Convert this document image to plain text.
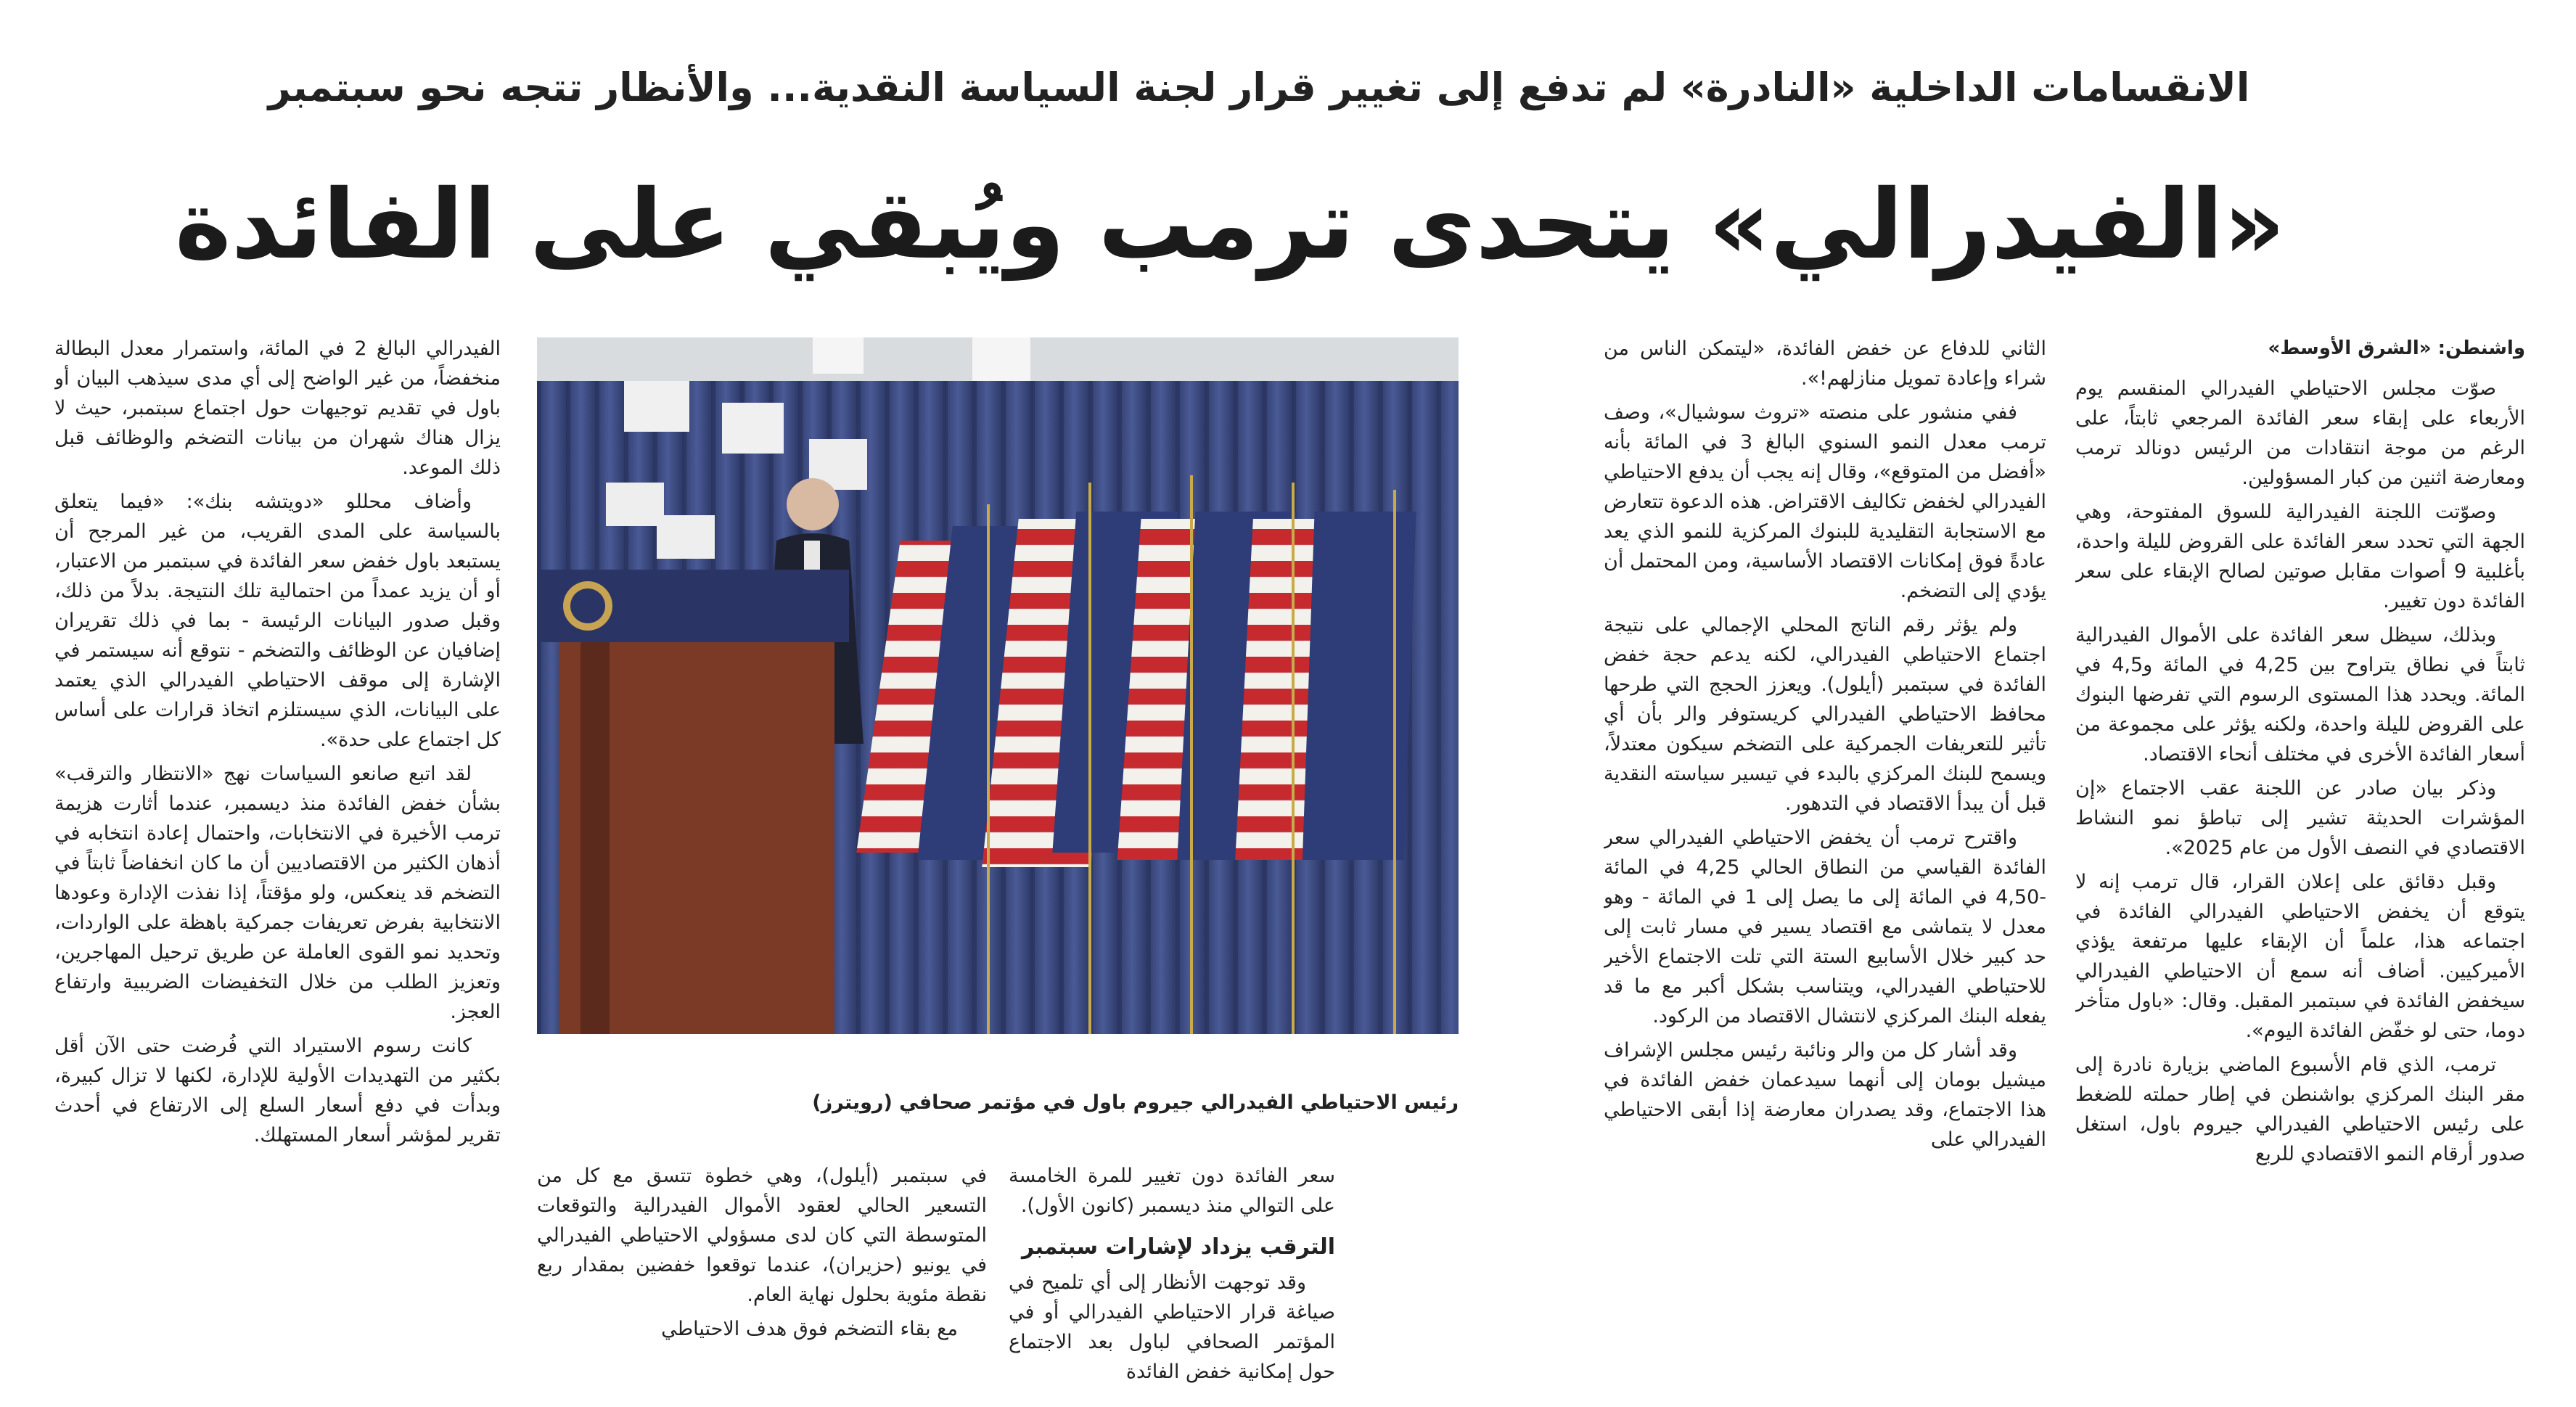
الانقسامات الداخلية «النادرة» لم تدفع إلى تغيير قرار لجنة السياسة النقدية... والأنظار تتجه نحو سبتمبر
«الفيدرالي» يتحدى ترمب ويُبقي على الفائدة
واشنطن: «الشرق الأوسط»

صوّت مجلس الاحتياطي الفيدرالي المنقسم يوم الأربعاء على إبقاء سعر الفائدة المرجعي ثابتاً، على الرغم من موجة انتقادات من الرئيس دونالد ترمب ومعارضة اثنين من كبار المسؤولين.

وصوّتت اللجنة الفيدرالية للسوق المفتوحة، وهي الجهة التي تحدد سعر الفائدة على القروض لليلة واحدة، بأغلبية 9 أصوات مقابل صوتين لصالح الإبقاء على سعر الفائدة دون تغيير.

وبذلك، سيظل سعر الفائدة على الأموال الفيدرالية ثابتاً في نطاق يتراوح بين 4,25 في المائة و4,5 في المائة. ويحدد هذا المستوى الرسوم التي تفرضها البنوك على القروض لليلة واحدة، ولكنه يؤثر على مجموعة من أسعار الفائدة الأخرى في مختلف أنحاء الاقتصاد.

وذكر بيان صادر عن اللجنة عقب الاجتماع «إن المؤشرات الحديثة تشير إلى تباطؤ نمو النشاط الاقتصادي في النصف الأول من عام 2025».

وقبل دقائق على إعلان القرار، قال ترمب إنه لا يتوقع أن يخفض الاحتياطي الفيدرالي الفائدة في اجتماعه هذا، علماً أن الإبقاء عليها مرتفعة يؤذي الأميركيين. أضاف أنه سمع أن الاحتياطي الفيدرالي سيخفض الفائدة في سبتمبر المقبل. وقال: «باول متأخر دوما، حتى لو خفّض الفائدة اليوم».

ترمب، الذي قام الأسبوع الماضي بزيارة نادرة إلى مقر البنك المركزي بواشنطن في إطار حملته للضغط على رئيس الاحتياطي الفيدرالي جيروم باول، استغل صدور أرقام النمو الاقتصادي للربع

الثاني للدفاع عن خفض الفائدة، «ليتمكن الناس من شراء وإعادة تمويل منازلهم!».

ففي منشور على منصته «تروث سوشيال»، وصف ترمب معدل النمو السنوي البالغ 3 في المائة بأنه «أفضل من المتوقع»، وقال إنه يجب أن يدفع الاحتياطي الفيدرالي لخفض تكاليف الاقتراض. هذه الدعوة تتعارض مع الاستجابة التقليدية للبنوك المركزية للنمو الذي يعد عادةً فوق إمكانات الاقتصاد الأساسية، ومن المحتمل أن يؤدي إلى التضخم.

ولم يؤثر رقم الناتج المحلي الإجمالي على نتيجة اجتماع الاحتياطي الفيدرالي، لكنه يدعم حجة خفض الفائدة في سبتمبر (أيلول). ويعزز الحجج التي طرحها محافظ الاحتياطي الفيدرالي كريستوفر والر بأن أي تأثير للتعريفات الجمركية على التضخم سيكون معتدلاً، ويسمح للبنك المركزي بالبدء في تيسير سياسته النقدية قبل أن يبدأ الاقتصاد في التدهور.

واقترح ترمب أن يخفض الاحتياطي الفيدرالي سعر الفائدة القياسي من النطاق الحالي 4,25 في المائة -4,50 في المائة إلى ما يصل إلى 1 في المائة - وهو معدل لا يتماشى مع اقتصاد يسير في مسار ثابت إلى حد كبير خلال الأسابيع الستة التي تلت الاجتماع الأخير للاحتياطي الفيدرالي، ويتناسب بشكل أكبر مع ما قد يفعله البنك المركزي لانتشال الاقتصاد من الركود.

وقد أشار كل من والر ونائبة رئيس مجلس الإشراف ميشيل بومان إلى أنهما سيدعمان خفض الفائدة في هذا الاجتماع، وقد يصدران معارضة إذا أبقى الاحتياطي الفيدرالي على

رئيس الاحتياطي الفيدرالي جيروم باول في مؤتمر صحافي (رويترز)

سعر الفائدة دون تغيير للمرة الخامسة على التوالي منذ ديسمبر (كانون الأول).

الترقب يزداد لإشارات سبتمبر

وقد توجهت الأنظار إلى أي تلميح في صياغة قرار الاحتياطي الفيدرالي أو في المؤتمر الصحافي لباول بعد الاجتماع حول إمكانية خفض الفائدة

في سبتمبر (أيلول)، وهي خطوة تتسق مع كل من التسعير الحالي لعقود الأموال الفيدرالية والتوقعات المتوسطة التي كان لدى مسؤولي الاحتياطي الفيدرالي في يونيو (حزيران)، عندما توقعوا خفضين بمقدار ربع نقطة مئوية بحلول نهاية العام.

مع بقاء التضخم فوق هدف الاحتياطي

الفيدرالي البالغ 2 في المائة، واستمرار معدل البطالة منخفضاً، من غير الواضح إلى أي مدى سيذهب البيان أو باول في تقديم توجيهات حول اجتماع سبتمبر، حيث لا يزال هناك شهران من بيانات التضخم والوظائف قبل ذلك الموعد.

وأضاف محللو «دويتشه بنك»: «فيما يتعلق بالسياسة على المدى القريب، من غير المرجح أن يستبعد باول خفض سعر الفائدة في سبتمبر من الاعتبار، أو أن يزيد عمداً من احتمالية تلك النتيجة. بدلاً من ذلك، وقبل صدور البيانات الرئيسة - بما في ذلك تقريران إضافيان عن الوظائف والتضخم - نتوقع أنه سيستمر في الإشارة إلى موقف الاحتياطي الفيدرالي الذي يعتمد على البيانات، الذي سيستلزم اتخاذ قرارات على أساس كل اجتماع على حدة».

لقد اتبع صانعو السياسات نهج «الانتظار والترقب» بشأن خفض الفائدة منذ ديسمبر، عندما أثارت هزيمة ترمب الأخيرة في الانتخابات، واحتمال إعادة انتخابه في أذهان الكثير من الاقتصاديين أن ما كان انخفاضاً ثابتاً في التضخم قد ينعكس، ولو مؤقتاً، إذا نفذت الإدارة وعودها الانتخابية بفرض تعريفات جمركية باهظة على الواردات، وتحديد نمو القوى العاملة عن طريق ترحيل المهاجرين، وتعزيز الطلب من خلال التخفيضات الضريبية وارتفاع العجز.

كانت رسوم الاستيراد التي فُرضت حتى الآن أقل بكثير من التهديدات الأولية للإدارة، لكنها لا تزال كبيرة، وبدأت في دفع أسعار السلع إلى الارتفاع في أحدث تقرير لمؤشر أسعار المستهلك.
